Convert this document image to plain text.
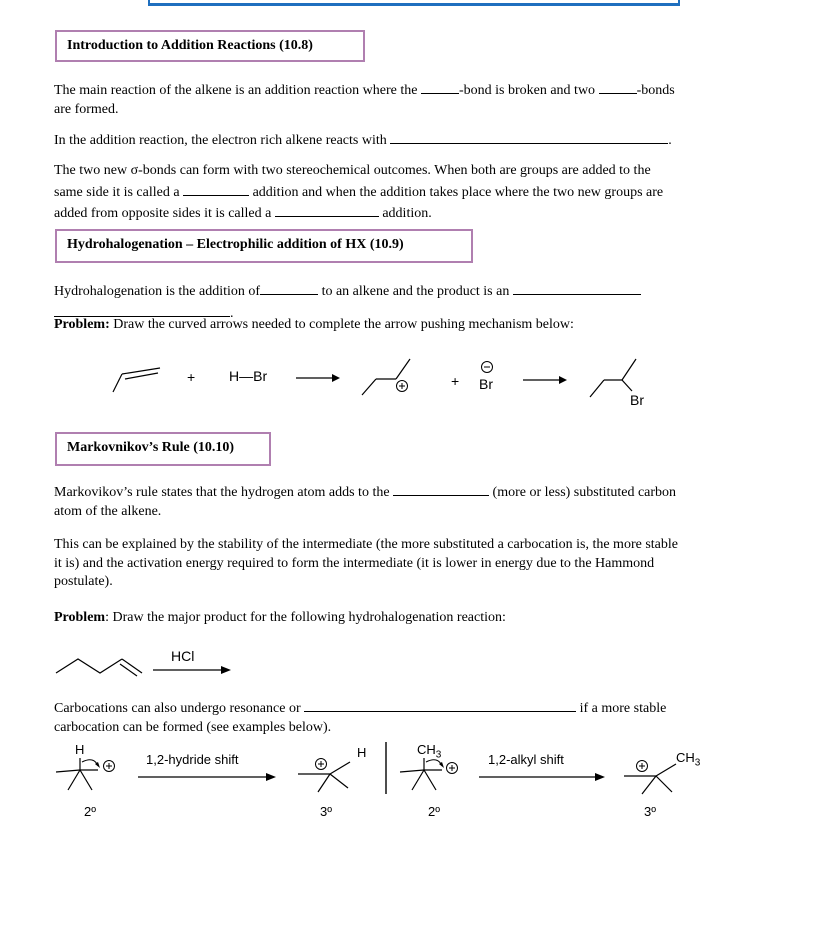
Introduction to Addition Reactions (10.8)
The main reaction of the alkene is an addition reaction where the	-bond is broken and two	-bonds
are formed.
In the addition reaction, the electron rich alkene reacts with	.
The two new σ-bonds can form with two stereochemical outcomes. When both are groups are added to the
same side it is called a	addition and when the addition takes place where the two new groups are
added from opposite sides it is called a	addition.
Hydrohalogenation – Electrophilic addition of HX (10.9)
Hydrohalogenation is the addition of	to an alkene and the product is an
.
Problem: Draw the curved arrows needed to complete the arrow pushing mechanism below:
+ H—Br	+ Br
Br
Markovnikov’s Rule (10.10)
Markovikov’s rule states that the hydrogen atom adds to the	(more or less) substituted carbon
atom of the alkene.
This can be explained by the stability of the intermediate (the more substituted a carbocation is, the more stable
it is) and the activation energy required to form the intermediate (it is lower in energy due to the Hammond
postulate).
Problem: Draw the major product for the following hydrohalogenation reaction:
HCl
Carbocations can also undergo resonance or	if a more stable
carbocation can be formed (see examples below).
H
1,2-hydride shift	H	$CH_3$	1,2-alkyl shift	$CH_3$
2º	3º	2º	3º
